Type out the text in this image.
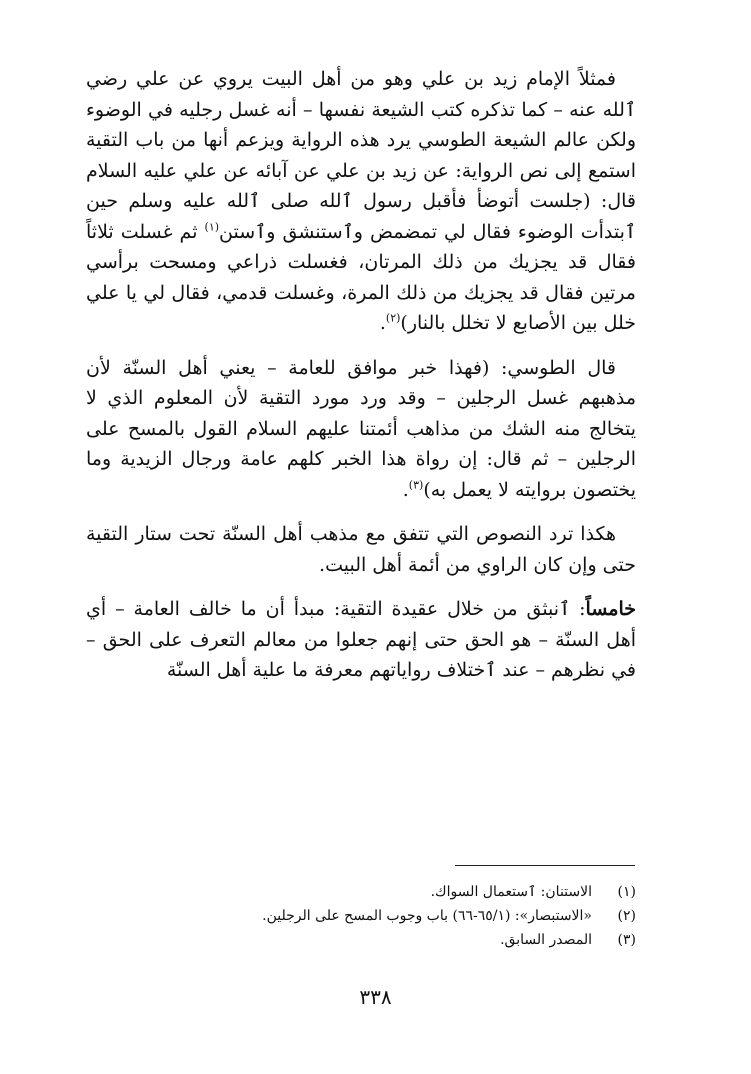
فمثلاً الإمام زيد بن علي وهو من أهل البيت يروي عن علي رضي ٱلله عنه – كما تذكره كتب الشيعة نفسها – أنه غسل رجليه في الوضوء ولكن عالم الشيعة الطوسي يرد هذه الرواية ويزعم أنها من باب التقية استمع إلى نص الرواية: عن زيد بن علي عن آبائه عن علي عليه السلام قال: (جلست أتوضأ فأقبل رسول ٱلله صلى ٱلله عليه وسلم حين ٱبتدأت الوضوء فقال لي تمضمض وٱستنشق وٱستن$^{(١)}$ ثم غسلت ثلاثاً فقال قد يجزيك من ذلك المرتان، فغسلت ذراعي ومسحت برأسي مرتين فقال قد يجزيك من ذلك المرة، وغسلت قدمي، فقال لي يا علي خلل بين الأصابع لا تخلل بالنار)$^{(٢)}$.

قال الطوسي: (فهذا خبر موافق للعامة – يعني أهل السنّة لأن مذهبهم غسل الرجلين – وقد ورد مورد التقية لأن المعلوم الذي لا يتخالج منه الشك من مذاهب أئمتنا عليهم السلام القول بالمسح على الرجلين – ثم قال: إن رواة هذا الخبر كلهم عامة ورجال الزيدية وما يختصون بروايته لا يعمل به)$^{(٣)}$.

هكذا ترد النصوص التي تتفق مع مذهب أهل السنّة تحت ستار التقية حتى وإن كان الراوي من أئمة أهل البيت.

خامساً: ٱنبثق من خلال عقيدة التقية: مبدأ أن ما خالف العامة – أي أهل السنّة – هو الحق حتى إنهم جعلوا من معالم التعرف على الحق – في نظرهم – عند ٱختلاف رواياتهم معرفة ما علية أهل السنّة

(١)
الاستنان: ٱستعمال السواك.
(٢)
«الاستبصار»: (٦٥/١-٦٦) باب وجوب المسح على الرجلين.
(٣)
المصدر السابق.
٣٣٨
